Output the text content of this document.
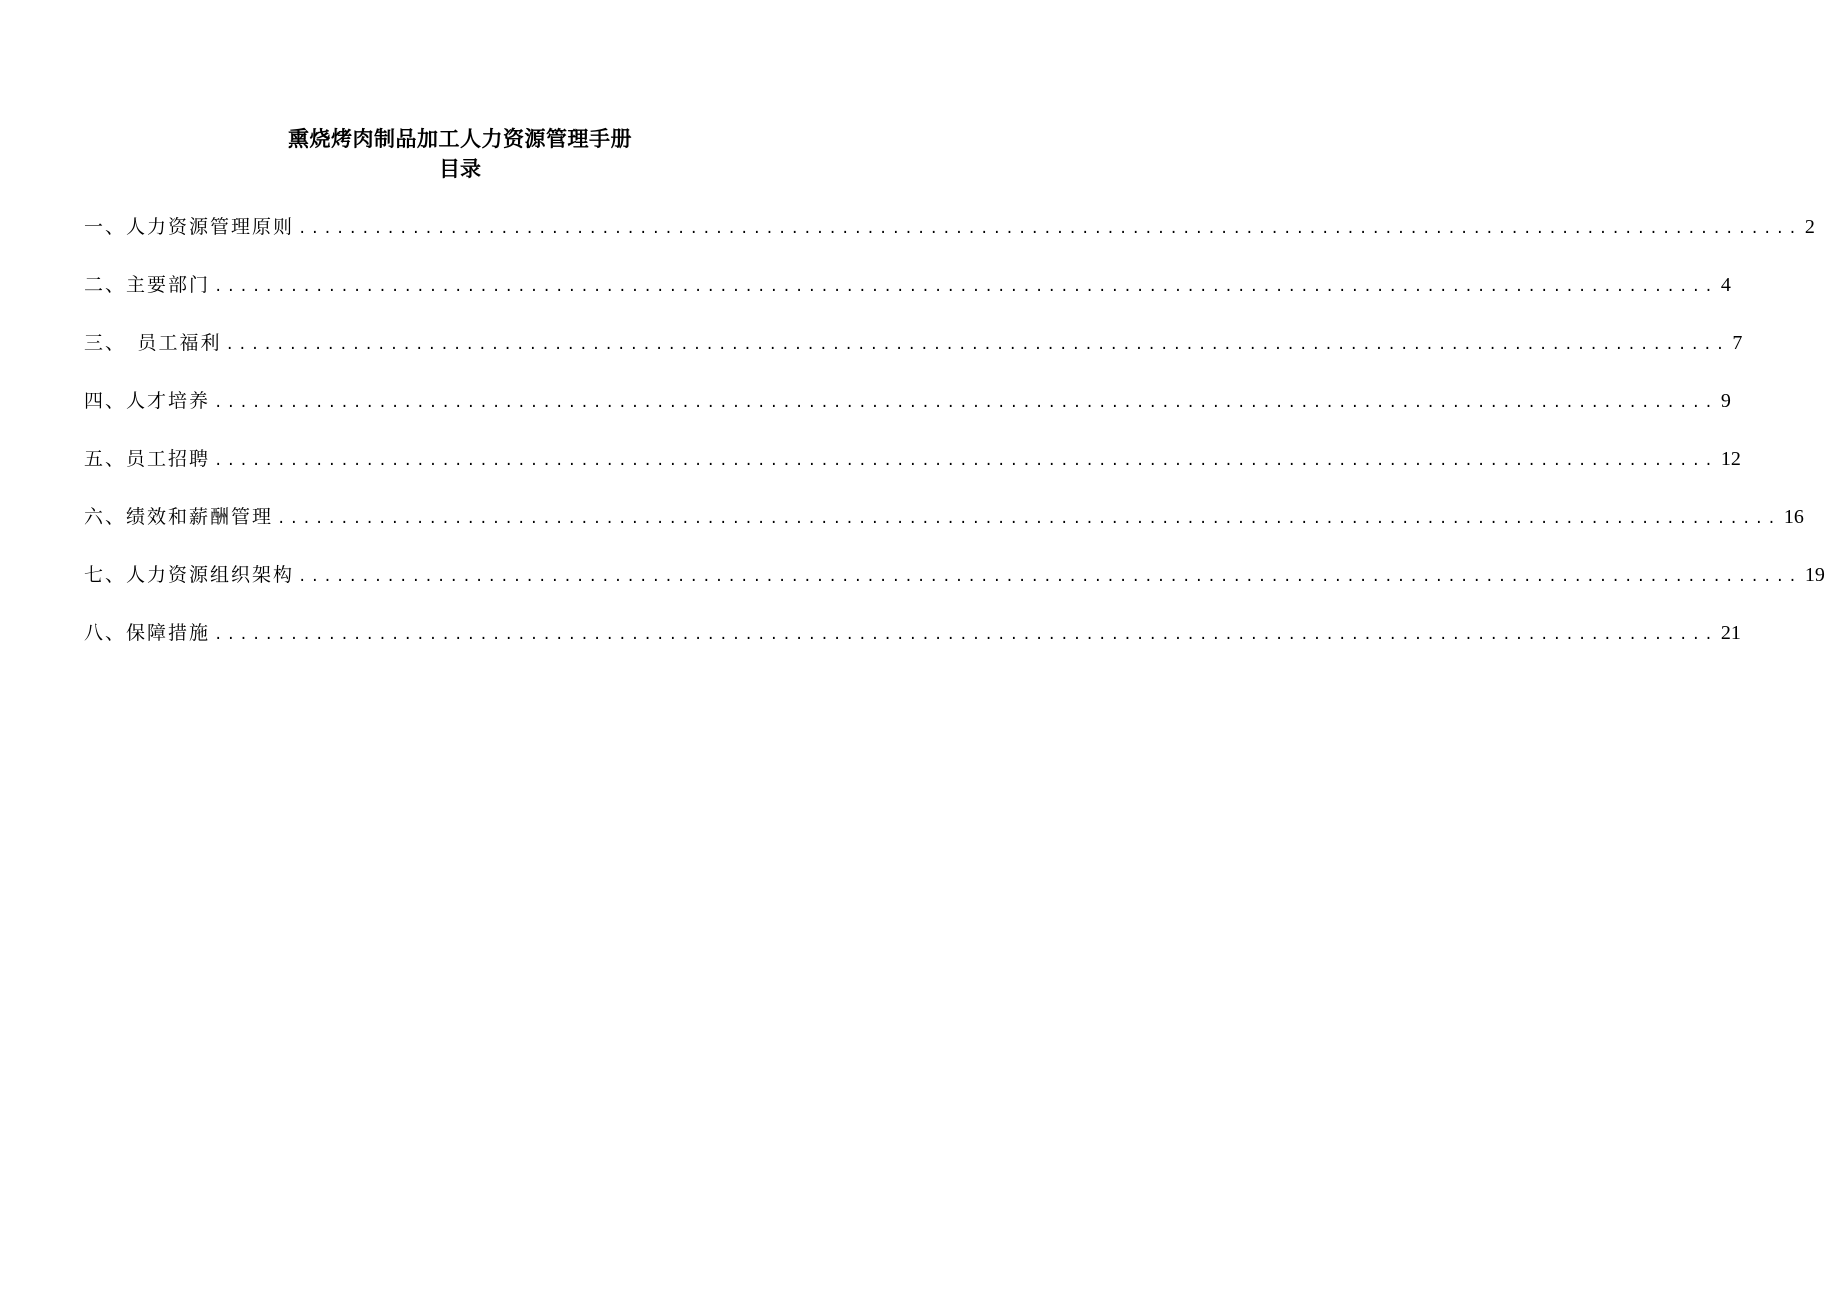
熏烧烤肉制品加工人力资源管理手册
目录
一、人力资源管理原则 ....................................................................................................................... 2
二、主要部门 ....................................................................................................................... 4
三、　员工福利 ....................................................................................................................... 7
四、人才培养 ....................................................................................................................... 9
五、员工招聘 ....................................................................................................................... 12
六、绩效和薪酬管理 ....................................................................................................................... 16
七、人力资源组织架构 ....................................................................................................................... 19
八、保障措施 ....................................................................................................................... 21
